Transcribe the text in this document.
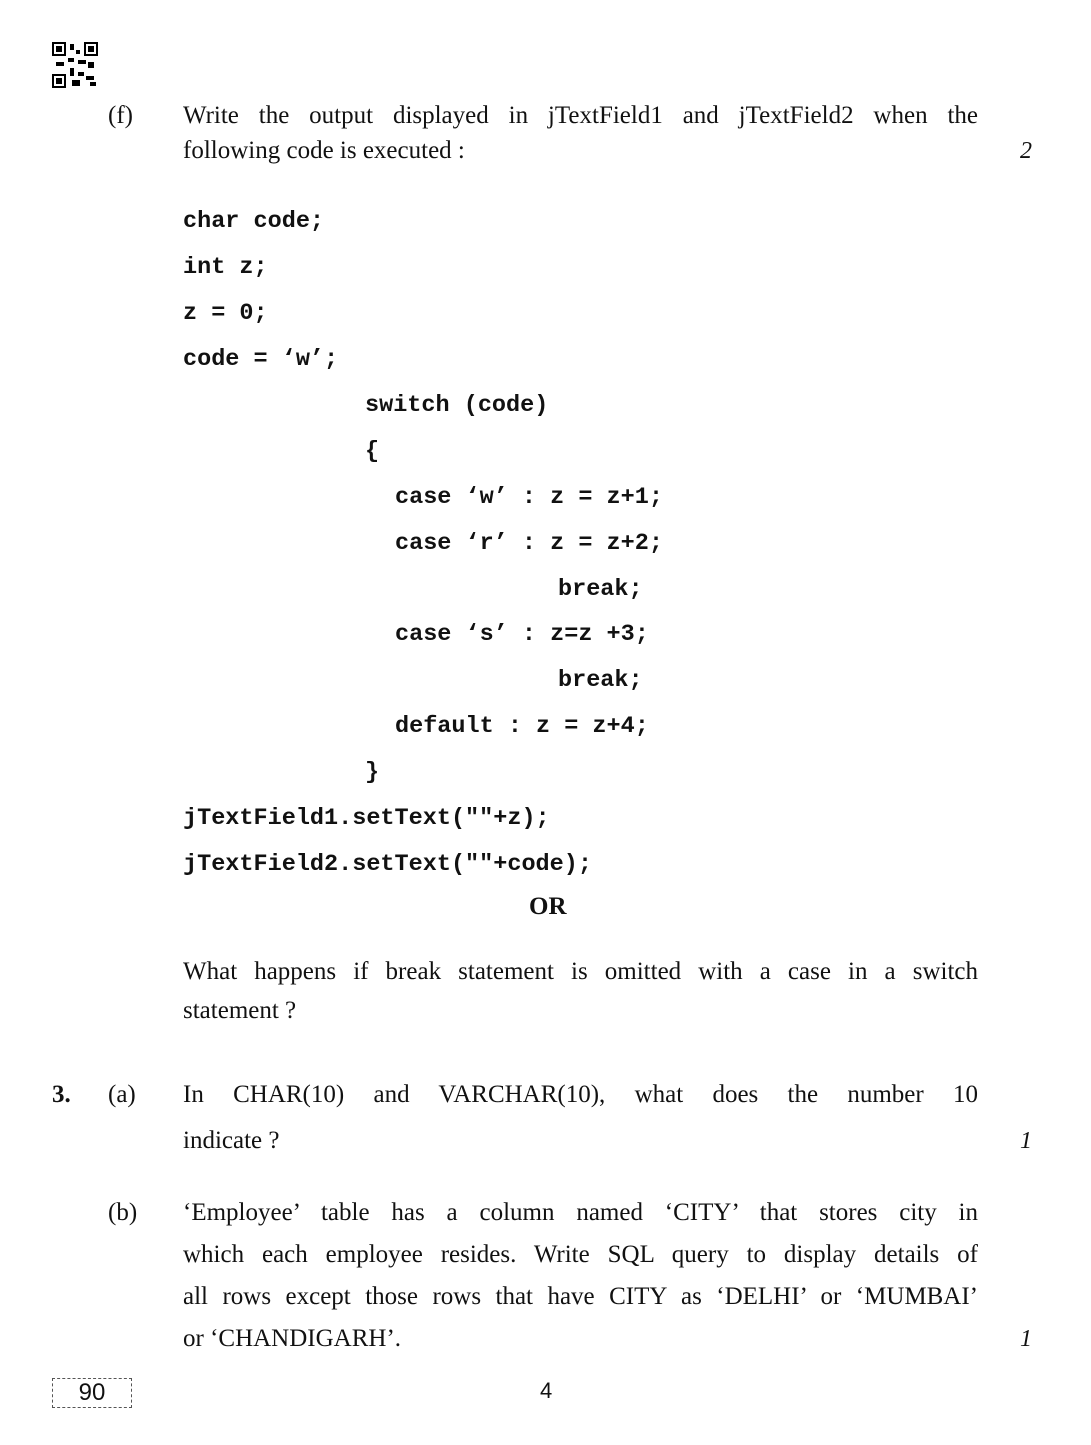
(f) Write the output displayed in jTextField1 and jTextField2 when the
following code is executed :	2
char code;
int z;
z = 0;
code = ‘w’;
switch (code)
{
case ‘w’ : z = z+1;
case ‘r’ : z = z+2;
break;
case ‘s’ : z=z +3;
break;
default : z = z+4;
}
jTextField1.setText(""+z);
jTextField2.setText(""+code);
OR
What happens if break statement is omitted with a case in a switch
statement ?
3. (a) In CHAR(10) and VARCHAR(10), what does the number 10
indicate ?	1
(b) ‘Employee’ table has a column named ‘CITY’ that stores city in
which each employee resides. Write SQL query to display details of
all rows except those rows that have CITY as ‘DELHI’ or ‘MUMBAI’
or ‘CHANDIGARH’.	1
90	4
